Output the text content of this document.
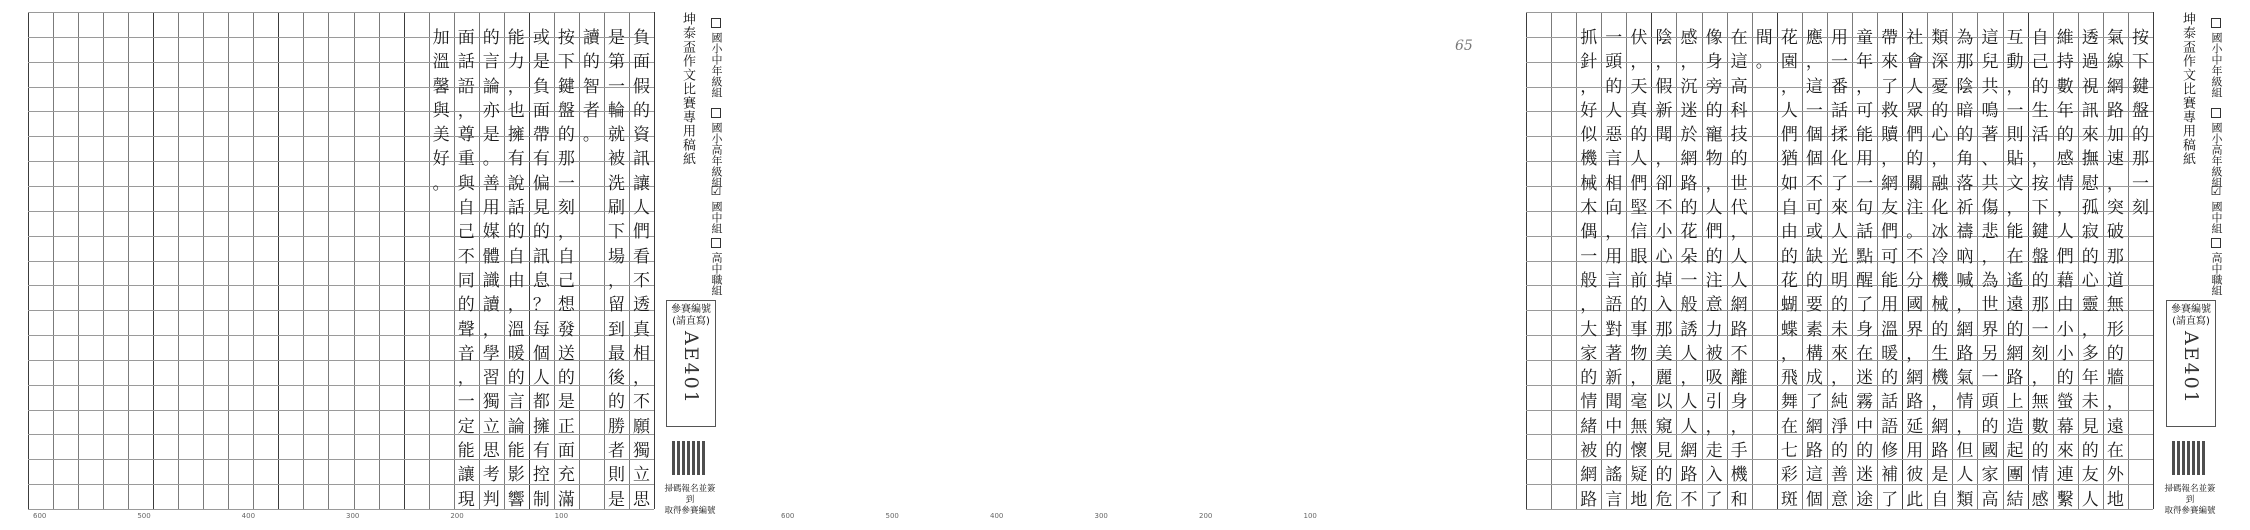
坤泰盃作文比賽專用稿紙 國小中年級組
國小高年級組
☑國中組
高中職組
參賽編號
(請直寫)
AE401
掃碼報名並簽到
取得參賽編號
按
下
鍵
盤
的
那
一
刻
氣
線
網
路
加
速
，
突
破
那
道
無
形
的
牆
，
遠
在
外
地
透
過
視
訊
來
撫
慰
孤
寂
的
心
靈
，
多
年
未
見
的
友
人
維
持
數
年
的
感
情
，
人
們
藉
由
小
小
的
螢
幕
來
連
繫
自
己
的
生
活
，
按
下
鍵
盤
的
那
一
刻
，
無
數
的
情
感
互
動
，
一
則
貼
文
，
能
在
遙
遠
的
網
路
上
造
起
團
結
這
兒
共
鳴
著
、
共
傷
悲
，
為
世
界
另
一
頭
的
國
家
高
為
那
陰
暗
的
角
落
祈
禱
吶
喊
，
網
路
氣
情
，
但
人
類
類
深
憂
的
心
，
融
化
冰
冷
機
械
的
生
機
，
網
路
是
自
社
會
人
眾
們
的
關
注
。
不
分
國
界
，
網
路
延
用
彼
此
帶
來
了
救
贖
，
網
友
們
可
能
用
溫
暖
的
話
語
修
補
了
童
年
，
可
能
用
一
句
話
點
醒
了
身
在
迷
霧
中
的
迷
途
用
一
番
話
揉
化
了
來
人
光
明
的
未
來
，
純
淨
的
善
意
應
，
這
一
個
個
不
可
或
缺
的
要
素
構
成
了
網
路
這
個
花
園
，
人
們
猶
如
自
由
的
花
蝴
蝶
，
飛
舞
在
七
彩
斑
間
。
在
這
高
科
技
的
世
代
，
人
人
網
路
不
離
身
，
手
機
和
像
身
旁
的
寵
物
，
人
們
的
注
意
力
被
吸
引
，
走
入
了
感
，
沉
迷
於
網
路
的
花
朵
一
般
誘
人
，
人
人
網
路
不
陰
，
假
新
聞
，
卻
不
小
心
掉
入
那
美
麗
以
窺
見
的
危
伏
，
天
真
的
人
們
堅
信
眼
前
的
事
物
，
毫
無
懷
疑
地
一
頭
的
人
惡
言
相
向
，
用
言
語
對
著
新
聞
中
的
謠
言
抓
針
，
好
似
機
械
木
偶
一
般
，
大
家
的
情
緒
被
網
路
坤泰盃作文比賽專用稿紙 國小中年級組
國小高年級組
☑國中組
高中職組
參賽編號
(請直寫)
AE401
掃碼報名並簽到
取得參賽編號
負
面
假
的
資
訊
讓
人
們
看
不
透
真
相
，
不
願
獨
立
思
是
第
一
輪
就
被
洗
刷
下
場
，
留
到
最
後
的
勝
者
則
是
讀
的
智
者
。
按
下
鍵
盤
的
那
一
刻
，
自
己
想
發
送
的
是
正
面
充
滿
或
是
負
面
帶
有
偏
見
的
訊
息
？
每
個
人
都
擁
有
控
制
能
力
，
也
擁
有
說
話
的
自
由
，
溫
暖
的
言
論
能
影
響
的
言
論
亦
是
。
善
用
媒
體
識
讀
，
學
習
獨
立
思
考
判
面
話
語
，
尊
重
與
自
己
不
同
的
聲
音
，
一
定
能
讓
現
加
溫
馨
與
美
好
。
65
600	500	400	300	200	100	600	500	400	300	200	100
